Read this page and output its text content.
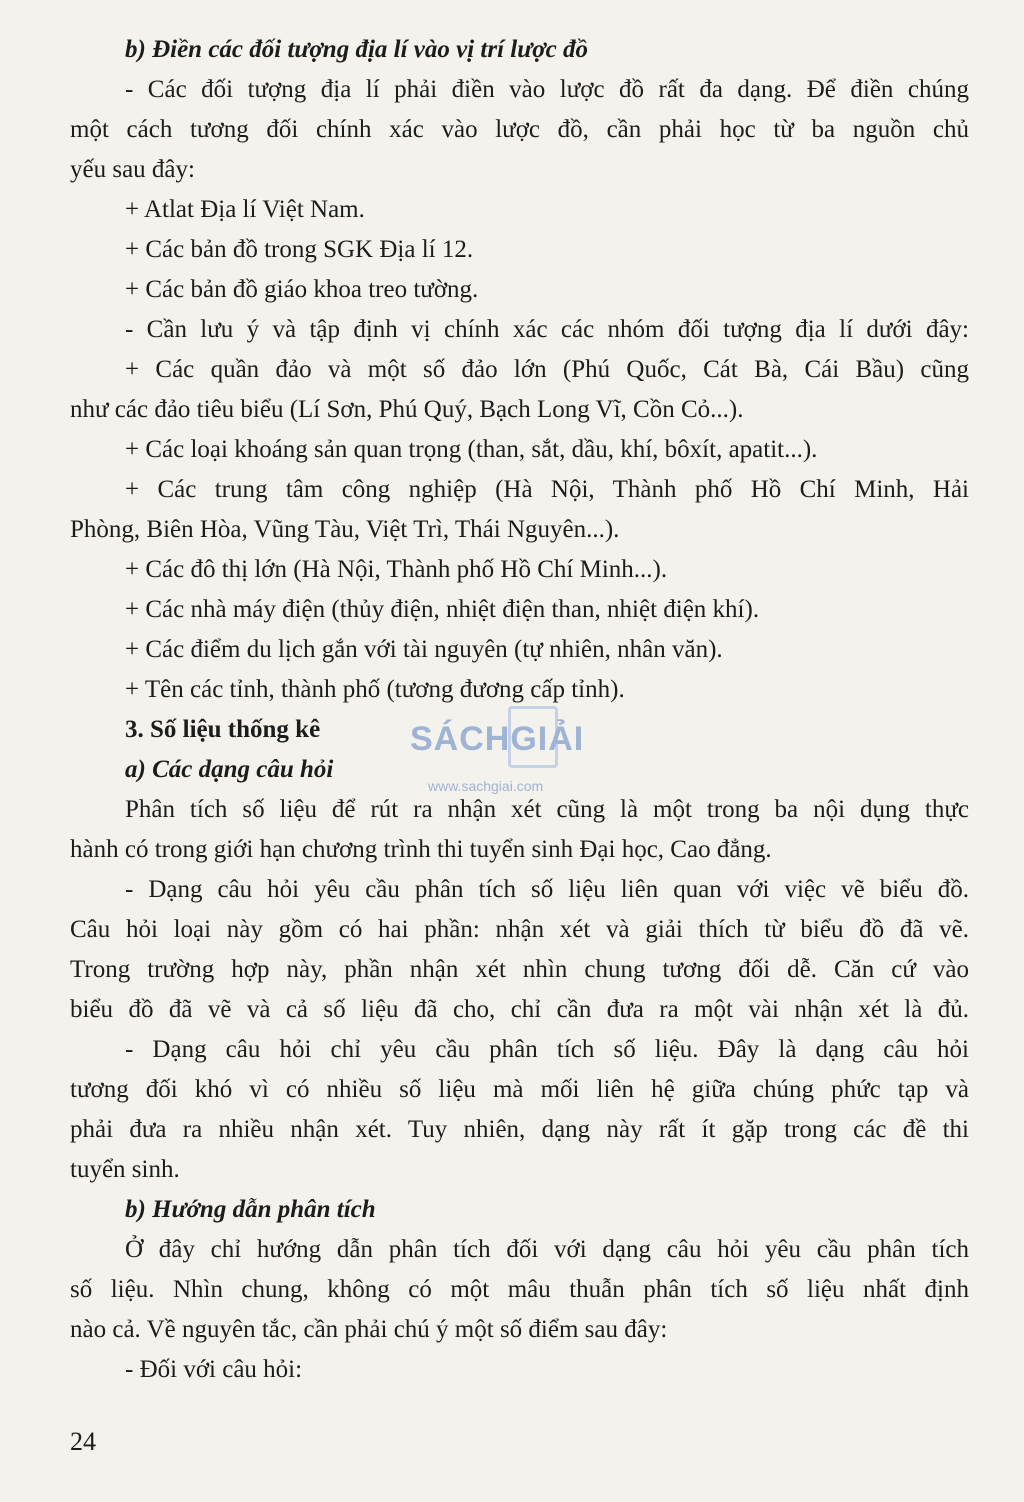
b) Điền các đối tượng địa lí vào vị trí lược đồ
- Các đối tượng địa lí phải điền vào lược đồ rất đa dạng. Để điền chúng
một cách tương đối chính xác vào lược đồ, cần phải học từ ba nguồn chủ
yếu sau đây:
+ Atlat Địa lí Việt Nam.
+ Các bản đồ trong SGK Địa lí 12.
+ Các bản đồ giáo khoa treo tường.
- Cần lưu ý và tập định vị chính xác các nhóm đối tượng địa lí dưới đây:
+ Các quần đảo và một số đảo lớn (Phú Quốc, Cát Bà, Cái Bầu) cũng
như các đảo tiêu biểu (Lí Sơn, Phú Quý, Bạch Long Vĩ, Cồn Cỏ...).
+ Các loại khoáng sản quan trọng (than, sắt, dầu, khí, bôxít, apatit...).
+ Các trung tâm công nghiệp (Hà Nội, Thành phố Hồ Chí Minh, Hải
Phòng, Biên Hòa, Vũng Tàu, Việt Trì, Thái Nguyên...).
+ Các đô thị lớn (Hà Nội, Thành phố Hồ Chí Minh...).
+ Các nhà máy điện (thủy điện, nhiệt điện than, nhiệt điện khí).
+ Các điểm du lịch gắn với tài nguyên (tự nhiên, nhân văn).
+ Tên các tỉnh, thành phố (tương đương cấp tỉnh).
3. Số liệu thống kê
a) Các dạng câu hỏi
Phân tích số liệu để rút ra nhận xét cũng là một trong ba nội dụng thực
hành có trong giới hạn chương trình thi tuyển sinh Đại học, Cao đẳng.
- Dạng câu hỏi yêu cầu phân tích số liệu liên quan với việc vẽ biểu đồ.
Câu hỏi loại này gồm có hai phần: nhận xét và giải thích từ biểu đồ đã vẽ.
Trong trường hợp này, phần nhận xét nhìn chung tương đối dễ. Căn cứ vào
biểu đồ đã vẽ và cả số liệu đã cho, chỉ cần đưa ra một vài nhận xét là đủ.
- Dạng câu hỏi chỉ yêu cầu phân tích số liệu. Đây là dạng câu hỏi
tương đối khó vì có nhiều số liệu mà mối liên hệ giữa chúng phức tạp và
phải đưa ra nhiều nhận xét. Tuy nhiên, dạng này rất ít gặp trong các đề thi
tuyển sinh.
b) Hướng dẫn phân tích
Ở đây chỉ hướng dẫn phân tích đối với dạng câu hỏi yêu cầu phân tích
số liệu. Nhìn chung, không có một mâu thuẫn phân tích số liệu nhất định
nào cả. Về nguyên tắc, cần phải chú ý một số điểm sau đây:
- Đối với câu hỏi:
SÁCHGIẢI
www.sachgiai.com
24
